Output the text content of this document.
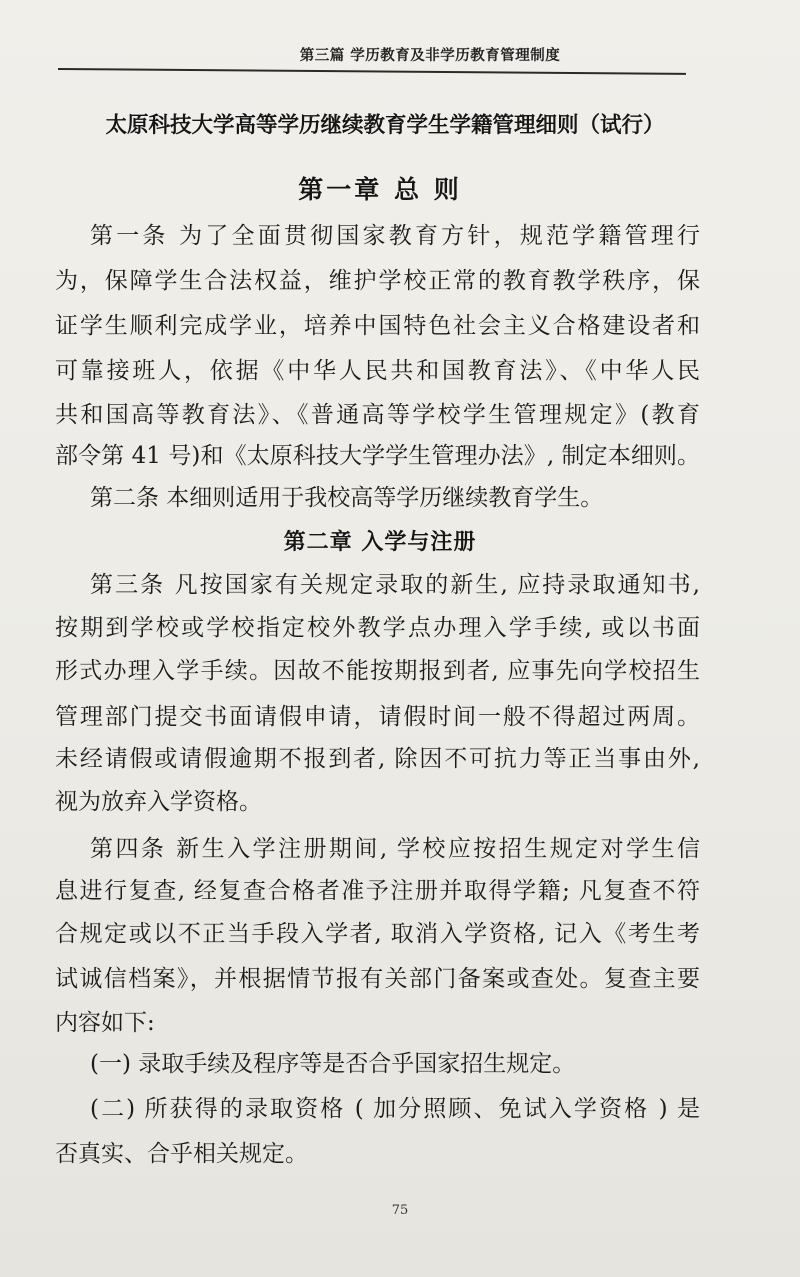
第三篇 学历教育及非学历教育管理制度
太原科技大学高等学历继续教育学生学籍管理细则（试行）
第一章 总 则
第一条 为了全面贯彻国家教育方针，规范学籍管理行
为，保障学生合法权益，维护学校正常的教育教学秩序，保
证学生顺利完成学业，培养中国特色社会主义合格建设者和
可靠接班人，依据《中华人民共和国教育法》、《中华人民
共和国高等教育法》、《普通高等学校学生管理规定》(教育
部令第 41 号)和《太原科技大学学生管理办法》, 制定本细则。
第二条 本细则适用于我校高等学历继续教育学生。
第二章 入学与注册
第三条 凡按国家有关规定录取的新生, 应持录取通知书,
按期到学校或学校指定校外教学点办理入学手续, 或以书面
形式办理入学手续。因故不能按期报到者, 应事先向学校招生
管理部门提交书面请假申请，请假时间一般不得超过两周。
未经请假或请假逾期不报到者, 除因不可抗力等正当事由外,
视为放弃入学资格。
第四条 新生入学注册期间, 学校应按招生规定对学生信
息进行复查, 经复查合格者准予注册并取得学籍; 凡复查不符
合规定或以不正当手段入学者, 取消入学资格, 记入《考生考
试诚信档案》，并根据情节报有关部门备案或查处。复查主要
内容如下:
(一) 录取手续及程序等是否合乎国家招生规定。
(二) 所获得的录取资格 ( 加分照顾、免试入学资格 ) 是
否真实、合乎相关规定。
75
